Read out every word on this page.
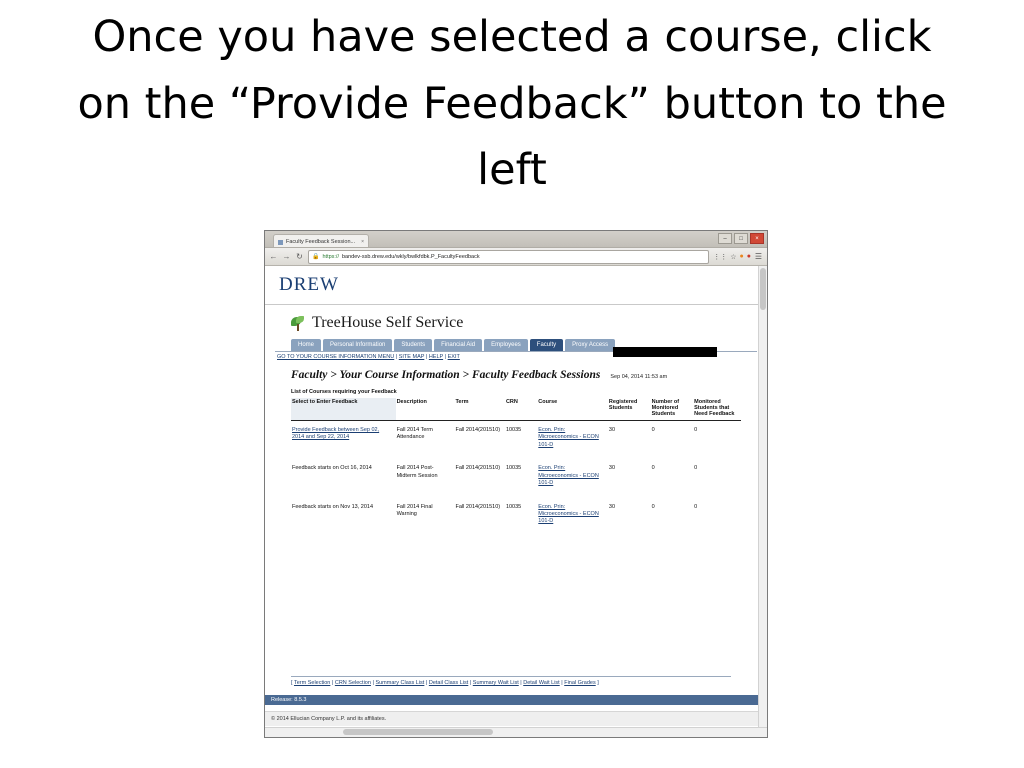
Once you have selected a course, click on the “Provide Feedback” button to the left
Faculty Feedback Session... ×	–	□	×
← → ↻ 🔒 https:// bandev-ssb.drew.edu/wkly/bwlkfdbk.P_FacultyFeedback	⋮⋮ ☆ ● ● ☰
DREW
TreeHouse Self Service
Home	Personal Information	Students	Financial Aid	Employees	Faculty	Proxy Access
GO TO YOUR COURSE INFORMATION MENU | SITE MAP | HELP | EXIT
Faculty > Your Course Information > Faculty Feedback Sessions Sep 04, 2014 11:53 am
List of Courses requiring your Feedback
Select to Enter Feedback	Description	Term	CRN	Course	Registered Students	Number of Monitored Students	Monitored Students that Need Feedback
Provide Feedback between Sep 02, 2014 and Sep 22, 2014	Fall 2014 Term Attendance	Fall 2014(201510)	10035	Econ. Prin: Microeconomics - ECON 101-D	30	0	0
Feedback starts on Oct 16, 2014	Fall 2014 Post-Midterm Session	Fall 2014(201510)	10035	Econ. Prin: Microeconomics - ECON 101-D	30	0	0
Feedback starts on Nov 13, 2014	Fall 2014 Final Warning	Fall 2014(201510)	10035	Econ. Prin: Microeconomics - ECON 101-D	30	0	0
[ Term Selection | CRN Selection | Summary Class List | Detail Class List | Summary Wait List | Detail Wait List | Final Grades ]
Release: 8.5.3
© 2014 Ellucian Company L.P. and its affiliates.
